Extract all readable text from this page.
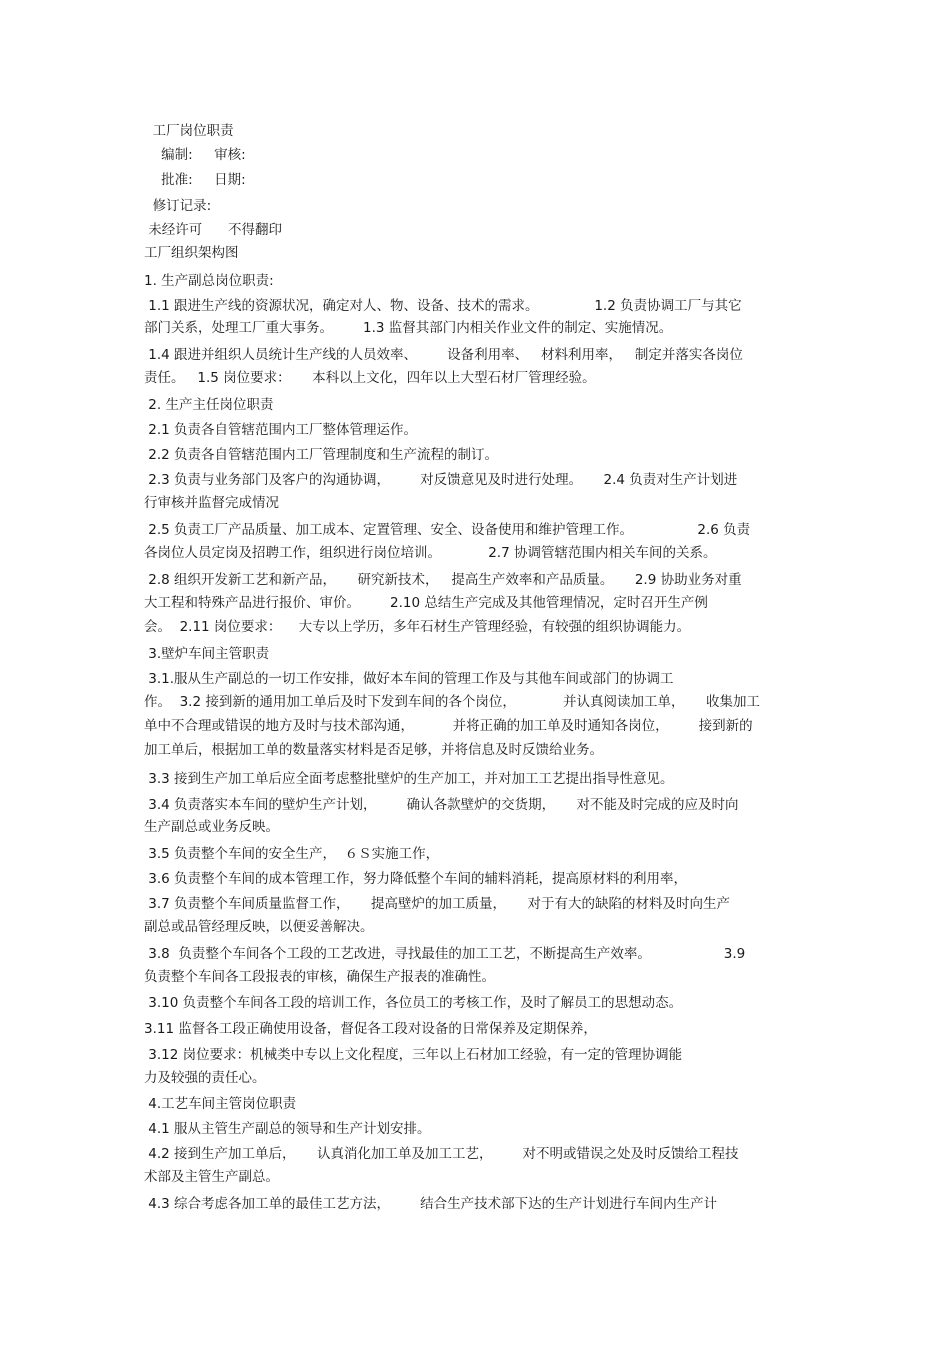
工厂岗位职责
编制:     审核:
批准:     日期:
修订记录:
未经许可      不得翻印
工厂组织架构图
1. 生产副总岗位职责:
1.1 跟进生产线的资源状况，确定对人、物、设备、技术的需求。             1.2 负责协调工厂与其它
部门关系，处理工厂重大事务。       1.3 监督其部门内相关作业文件的制定、实施情况。
1.4 跟进并组织人员统计生产线的人员效率、       设备利用率、   材料利用率，   制定并落实各岗位
责任。   1.5 岗位要求：     本科以上文化，四年以上大型石材厂管理经验。
2. 生产主任岗位职责
2.1 负责各自管辖范围内工厂整体管理运作。
2.2 负责各自管辖范围内工厂管理制度和生产流程的制订。
2.3 负责与业务部门及客户的沟通协调，       对反馈意见及时进行处理。     2.4 负责对生产计划进
行审核并监督完成情况
2.5 负责工厂产品质量、加工成本、定置管理、安全、设备使用和维护管理工作。               2.6 负责
各岗位人员定岗及招聘工作，组织进行岗位培训。           2.7 协调管辖范围内相关车间的关系。
2.8 组织开发新工艺和新产品，     研究新技术，   提高生产效率和产品质量。     2.9 协助业务对重
大工程和特殊产品进行报价、审价。       2.10 总结生产完成及其他管理情况，定时召开生产例
会。  2.11 岗位要求：    大专以上学历，多年石材生产管理经验，有较强的组织协调能力。
3.壁炉车间主管职责
3.1.服从生产副总的一切工作安排，做好本车间的管理工作及与其他车间或部门的协调工
作。  3.2 接到新的通用加工单后及时下发到车间的各个岗位，           并认真阅读加工单，     收集加工
单中不合理或错误的地方及时与技术部沟通，         并将正确的加工单及时通知各岗位，       接到新的
加工单后，根据加工单的数量落实材料是否足够，并将信息及时反馈给业务。
3.3 接到生产加工单后应全面考虑整批壁炉的生产加工，并对加工工艺提出指导性意见。
3.4 负责落实本车间的壁炉生产计划，       确认各款壁炉的交货期，     对不能及时完成的应及时向
生产副总或业务反映。
3.5 负责整个车间的安全生产，  ６Ｓ实施工作，
3.6 负责整个车间的成本管理工作，努力降低整个车间的辅料消耗，提高原材料的利用率，
3.7 负责整个车间质量监督工作，     提高壁炉的加工质量，     对于有大的缺陷的材料及时向生产
副总或品管经理反映，以便妥善解决。
3.8  负责整个车间各个工段的工艺改进，寻找最佳的加工工艺，不断提高生产效率。                 3.9
负责整个车间各工段报表的审核，确保生产报表的准确性。
3.10 负责整个车间各工段的培训工作，各位员工的考核工作，及时了解员工的思想动态。
3.11 监督各工段正确使用设备，督促各工段对设备的日常保养及定期保养，
3.12 岗位要求：机械类中专以上文化程度，三年以上石材加工经验，有一定的管理协调能
力及较强的责任心。
4.工艺车间主管岗位职责
4.1 服从主管生产副总的领导和生产计划安排。
4.2 接到生产加工单后，     认真消化加工单及加工工艺，       对不明或错误之处及时反馈给工程技
术部及主管生产副总。
4.3 综合考虑各加工单的最佳工艺方法，       结合生产技术部下达的生产计划进行车间内生产计
